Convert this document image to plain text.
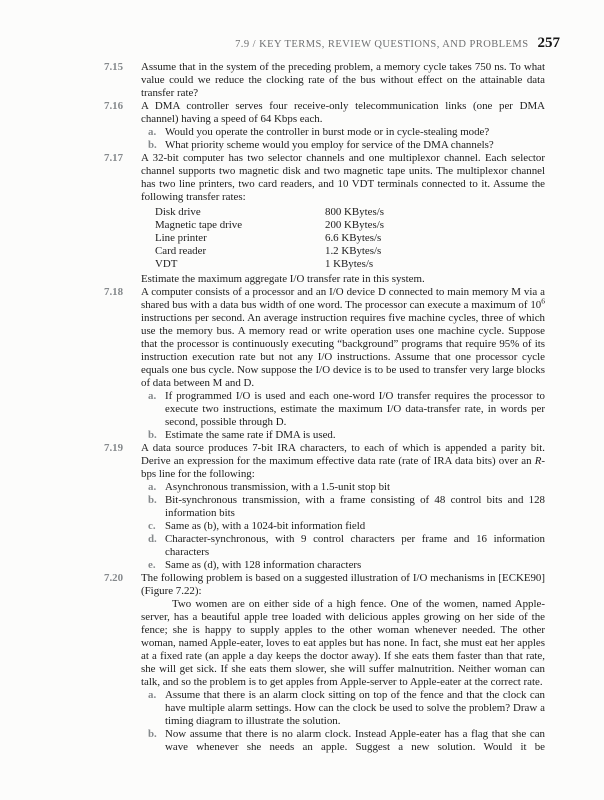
7.9 / KEY TERMS, REVIEW QUESTIONS, AND PROBLEMS 257
7.15	Assume that in the system of the preceding problem, a memory cycle takes 750 ns. To what value could we reduce the clocking rate of the bus without effect on the attainable data transfer rate?

7.16	A DMA controller serves four receive-only telecommunication links (one per DMA channel) having a speed of 64 Kbps each.

a. Would you operate the controller in burst mode or in cycle-stealing mode?
b. What priority scheme would you employ for service of the DMA channels?
7.17	A 32-bit computer has two selector channels and one multiplexor channel. Each selector channel supports two magnetic disk and two magnetic tape units. The multiplexor channel has two line printers, two card readers, and 10 VDT terminals connected to it. Assume the following transfer rates:

Disk drive	800 KBytes/s
Magnetic tape drive	200 KBytes/s
Line printer	6.6 KBytes/s
Card reader	1.2 KBytes/s
VDT	1 KBytes/s

Estimate the maximum aggregate I/O transfer rate in this system.

7.18	A computer consists of a processor and an I/O device D connected to main memory M via a shared bus with a data bus width of one word. The processor can execute a maximum of $10^6$ instructions per second. An average instruction requires five machine cycles, three of which use the memory bus. A memory read or write operation uses one machine cycle. Suppose that the processor is continuously executing “background” programs that require 95% of its instruction execution rate but not any I/O instructions. Assume that one processor cycle equals one bus cycle. Now suppose the I/O device is to be used to transfer very large blocks of data between M and D.

a. If programmed I/O is used and each one-word I/O transfer requires the processor to execute two instructions, estimate the maximum I/O data-transfer rate, in words per second, possible through D.
b. Estimate the same rate if DMA is used.
7.19	A data source produces 7-bit IRA characters, to each of which is appended a parity bit. Derive an expression for the maximum effective data rate (rate of IRA data bits) over an R-bps line for the following:

a. Asynchronous transmission, with a 1.5-unit stop bit
b. Bit-synchronous transmission, with a frame consisting of 48 control bits and 128 information bits
c. Same as (b), with a 1024-bit information field
d. Character-synchronous, with 9 control characters per frame and 16 information characters
e. Same as (d), with 128 information characters
7.20	The following problem is based on a suggested illustration of I/O mechanisms in [ECKE90] (Figure 7.22):

Two women are on either side of a high fence. One of the women, named Apple-server, has a beautiful apple tree loaded with delicious apples growing on her side of the fence; she is happy to supply apples to the other woman whenever needed. The other woman, named Apple-eater, loves to eat apples but has none. In fact, she must eat her apples at a fixed rate (an apple a day keeps the doctor away). If she eats them faster than that rate, she will get sick. If she eats them slower, she will suffer malnutrition. Neither woman can talk, and so the problem is to get apples from Apple-server to Apple-eater at the correct rate.

a. Assume that there is an alarm clock sitting on top of the fence and that the clock can have multiple alarm settings. How can the clock be used to solve the problem? Draw a timing diagram to illustrate the solution.
b. Now assume that there is no alarm clock. Instead Apple-eater has a flag that she can wave whenever she needs an apple. Suggest a new solution. Would it be
